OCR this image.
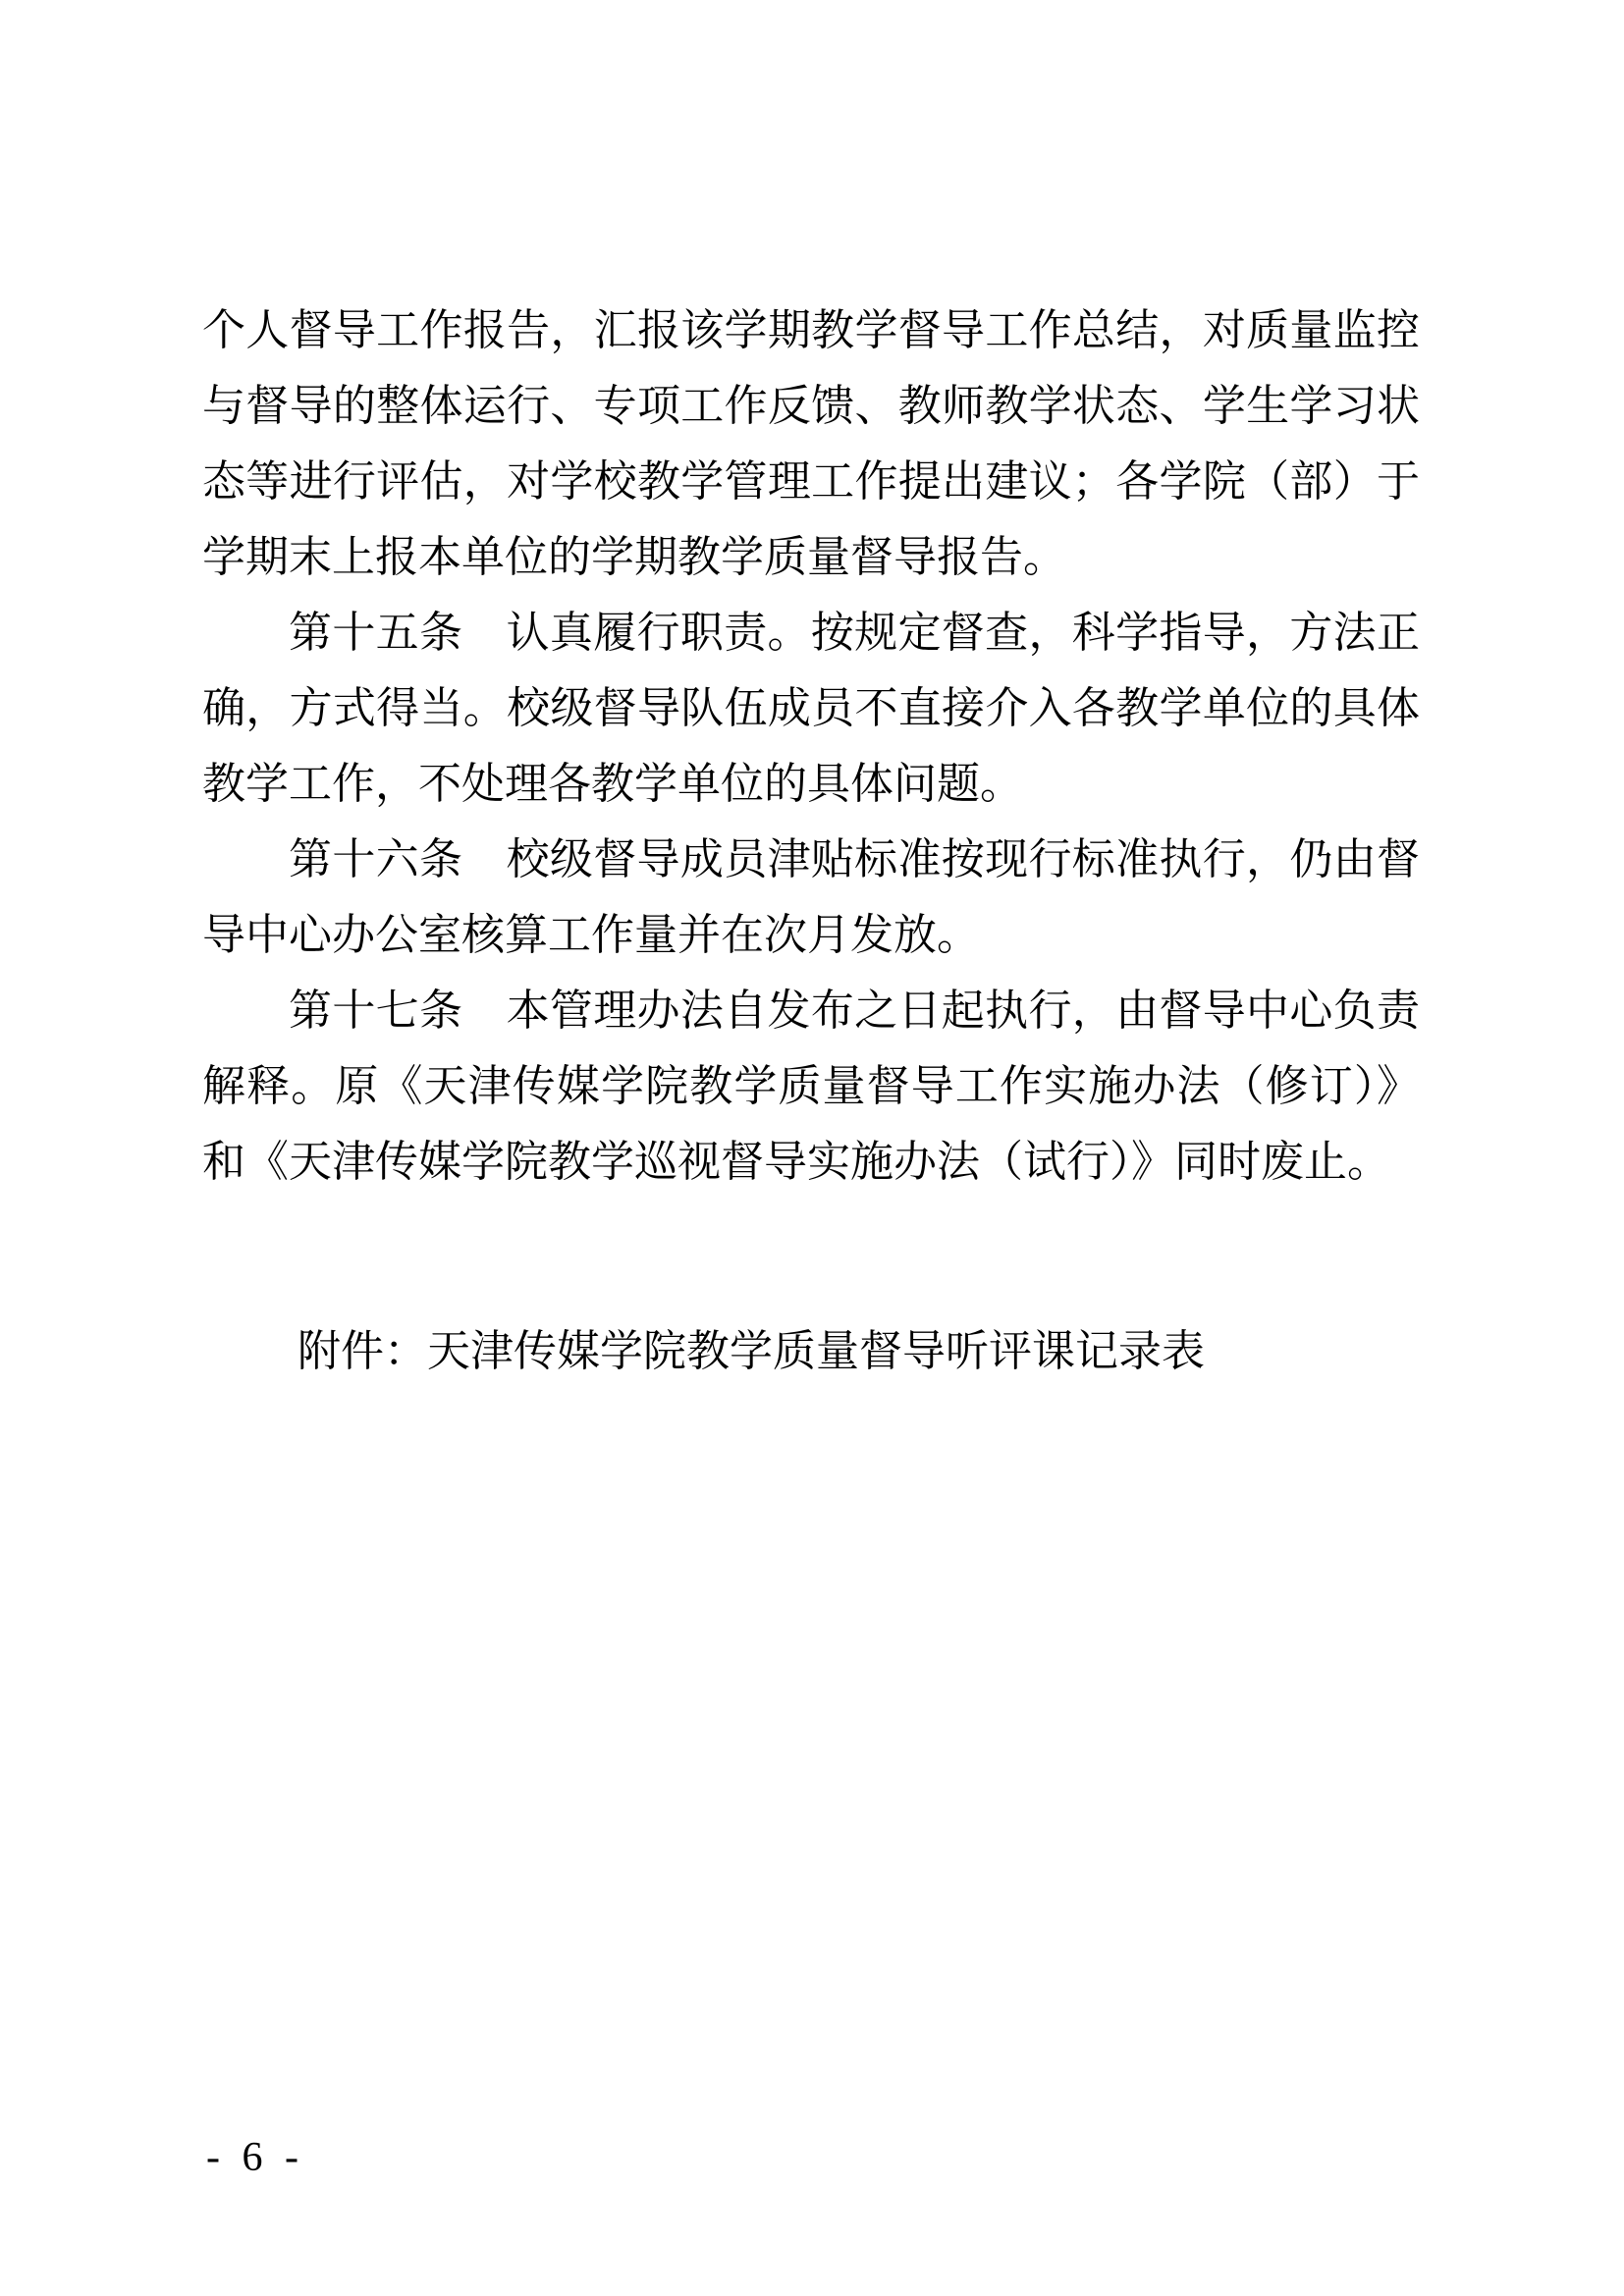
个人督导工作报告，汇报该学期教学督导工作总结，对质量监控
与督导的整体运行、专项工作反馈、教师教学状态、学生学习状
态等进行评估，对学校教学管理工作提出建议；各学院（部）于
学期末上报本单位的学期教学质量督导报告。
第十五条　认真履行职责。按规定督查，科学指导，方法正
确，方式得当。校级督导队伍成员不直接介入各教学单位的具体
教学工作，不处理各教学单位的具体问题。
第十六条　校级督导成员津贴标准按现行标准执行，仍由督
导中心办公室核算工作量并在次月发放。
第十七条　本管理办法自发布之日起执行，由督导中心负责
解释。原《天津传媒学院教学质量督导工作实施办法（修订）》
和《天津传媒学院教学巡视督导实施办法（试行）》同时废止。
附件：天津传媒学院教学质量督导听评课记录表
- 6 -
